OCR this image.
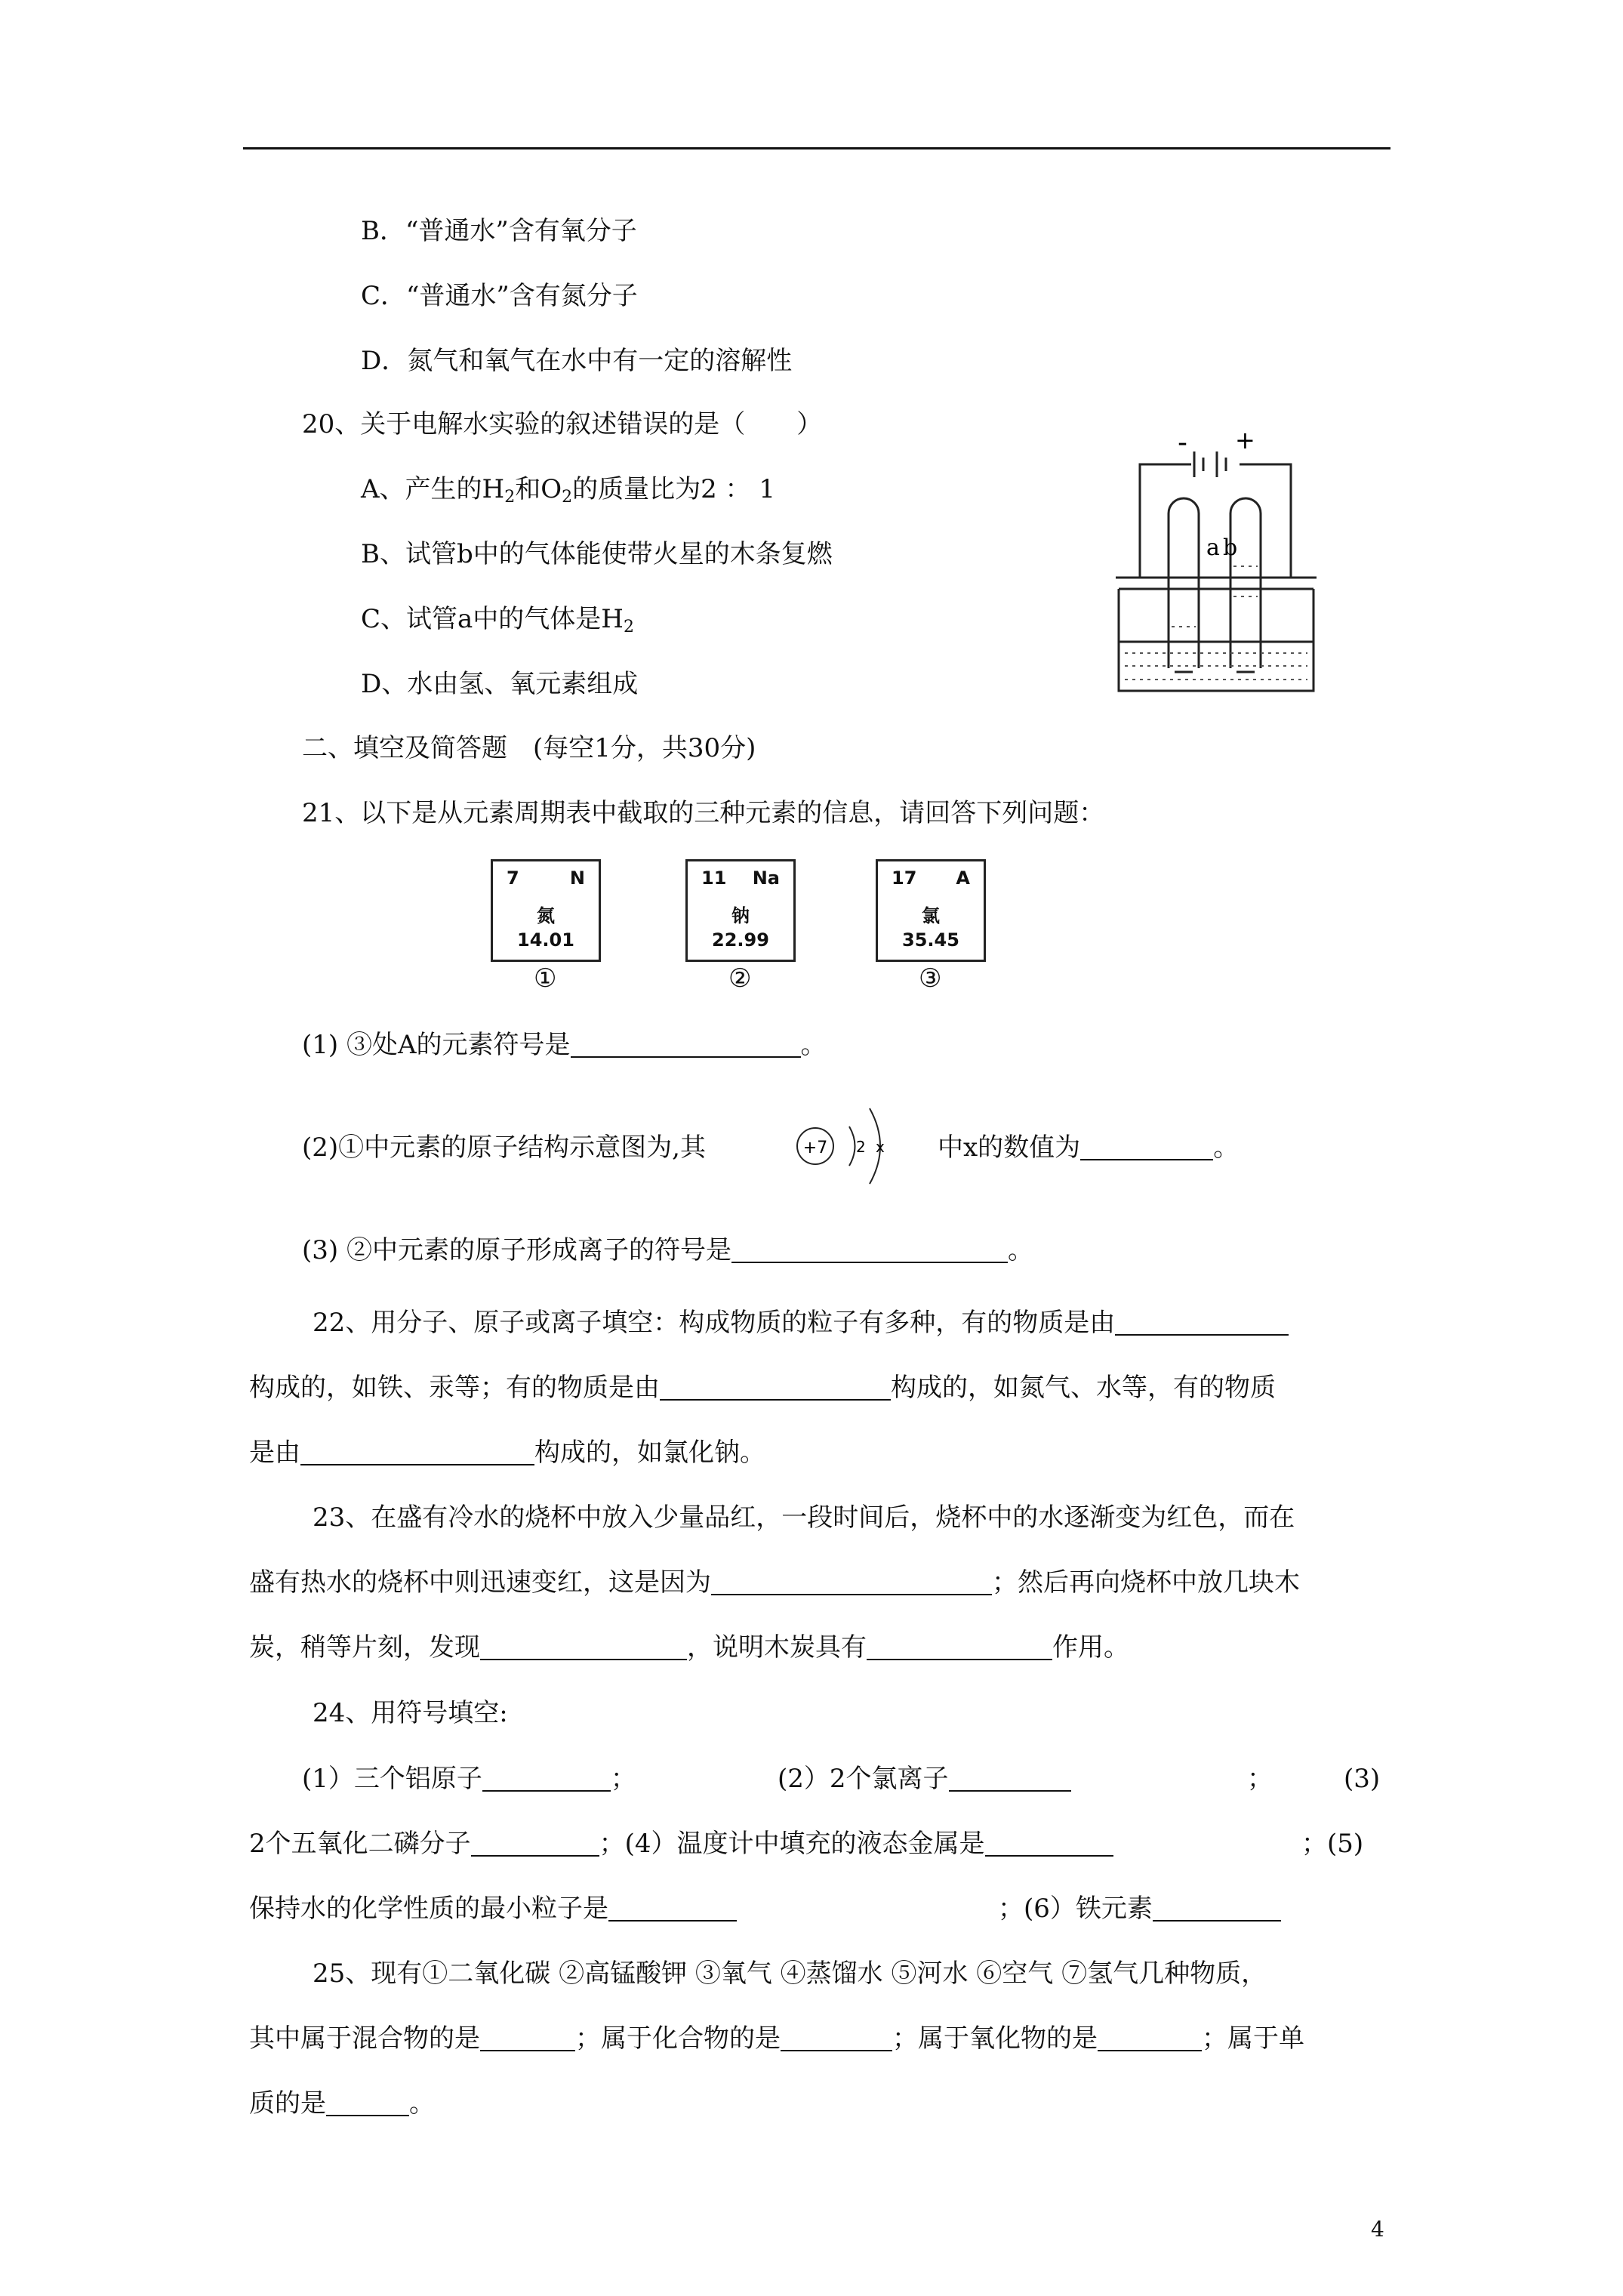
B．“普通水”含有氧分子
C．“普通水”含有氮分子
D．氮气和氧气在水中有一定的溶解性
20、关于电解水实验的叙述错误的是（　　）
A、产生的$H_2$和$O_2$的质量比为2 ： 1
B、试管b中的气体能使带火星的木条复燃
C、试管a中的气体是$H_2$
D、水由氢、氧元素组成
- +
a b
二、填空及简答题　(每空1分，共30分)
21、以下是从元素周期表中截取的三种元素的信息，请回答下列问题：
7	N
氮
14.01
①
11 Na
钠
22.99
②
17 A
氯
35.45
③
(1) ③处A的元素符号是	。
(2)①中元素的原子结构示意图为,其	+7 2 x 中x的数值为	。
(3) ②中元素的原子形成离子的符号是	。
22、用分子、原子或离子填空：构成物质的粒子有多种，有的物质是由
构成的，如铁、汞等；有的物质是由	构成的，如氮气、水等，有的物质
是由	构成的，如氯化钠。
23、在盛有冷水的烧杯中放入少量品红，一段时间后，烧杯中的水逐渐变为红色，而在
盛有热水的烧杯中则迅速变红，这是因为	；然后再向烧杯中放几块木
炭，稍等片刻，发现	，说明木炭具有	作用。
24、用符号填空:
(1）三个铝原子	；	(2）2个氯离子	；	(3)
2个五氧化二磷分子	；(4）温度计中填充的液态金属是	；(5)
保持水的化学性质的最小粒子是	；(6）铁元素
25、现有①二氧化碳 ②高锰酸钾 ③氧气 ④蒸馏水 ⑤河水 ⑥空气 ⑦氢气几种物质，
其中属于混合物的是	；属于化合物的是	；属于氧化物的是	；属于单
质的是	。
4
